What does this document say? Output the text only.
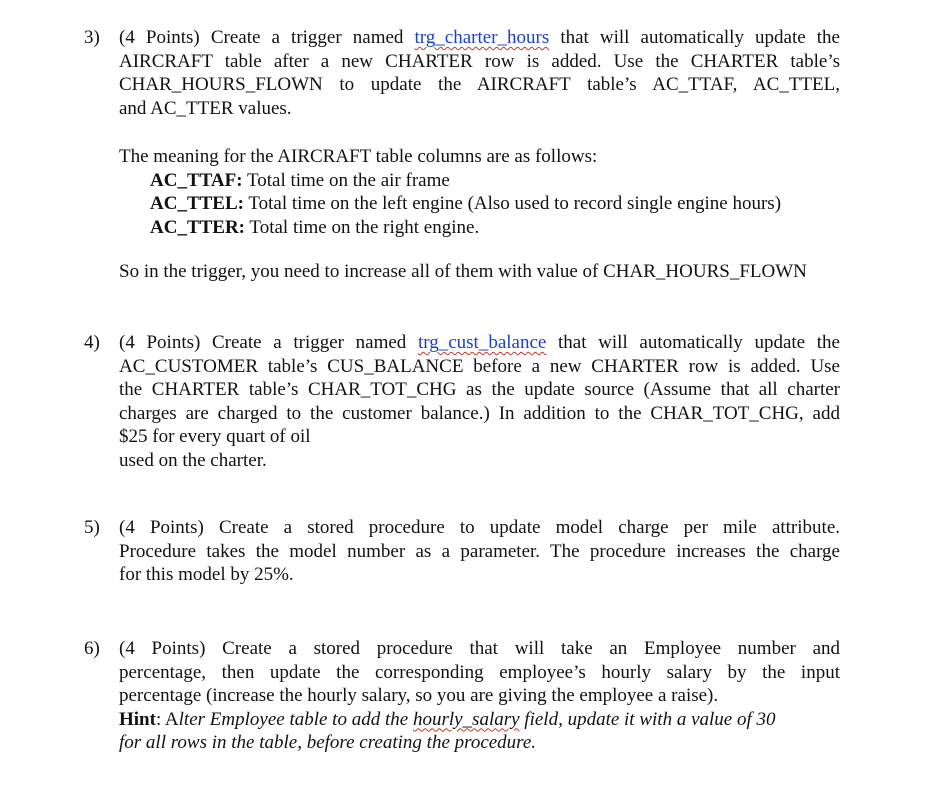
3) (4 Points) Create a trigger named trg_charter_hours that will automatically update the
AIRCRAFT table after a new CHARTER row is added. Use the CHARTER table’s
CHAR_HOURS_FLOWN to update the AIRCRAFT table’s AC_TTAF, AC_TTEL,
and AC_TTER values.
The meaning for the AIRCRAFT table columns are as follows:
AC_TTAF: Total time on the air frame
AC_TTEL: Total time on the left engine (Also used to record single engine hours)
AC_TTER: Total time on the right engine.
So in the trigger, you need to increase all of them with value of CHAR_HOURS_FLOWN
4) (4 Points) Create a trigger named trg_cust_balance that will automatically update the
AC_CUSTOMER table’s CUS_BALANCE before a new CHARTER row is added. Use
the CHARTER table’s CHAR_TOT_CHG as the update source (Assume that all charter
charges are charged to the customer balance.) In addition to the CHAR_TOT_CHG, add
$25 for every quart of oil
used on the charter.
5) (4 Points) Create a stored procedure to update model charge per mile attribute.
Procedure takes the model number as a parameter. The procedure increases the charge
for this model by 25%.
6) (4 Points) Create a stored procedure that will take an Employee number and
percentage, then update the corresponding employee’s hourly salary by the input
percentage (increase the hourly salary, so you are giving the employee a raise).
Hint: Alter Employee table to add the hourly_salary field, update it with a value of 30
for all rows in the table, before creating the procedure.
